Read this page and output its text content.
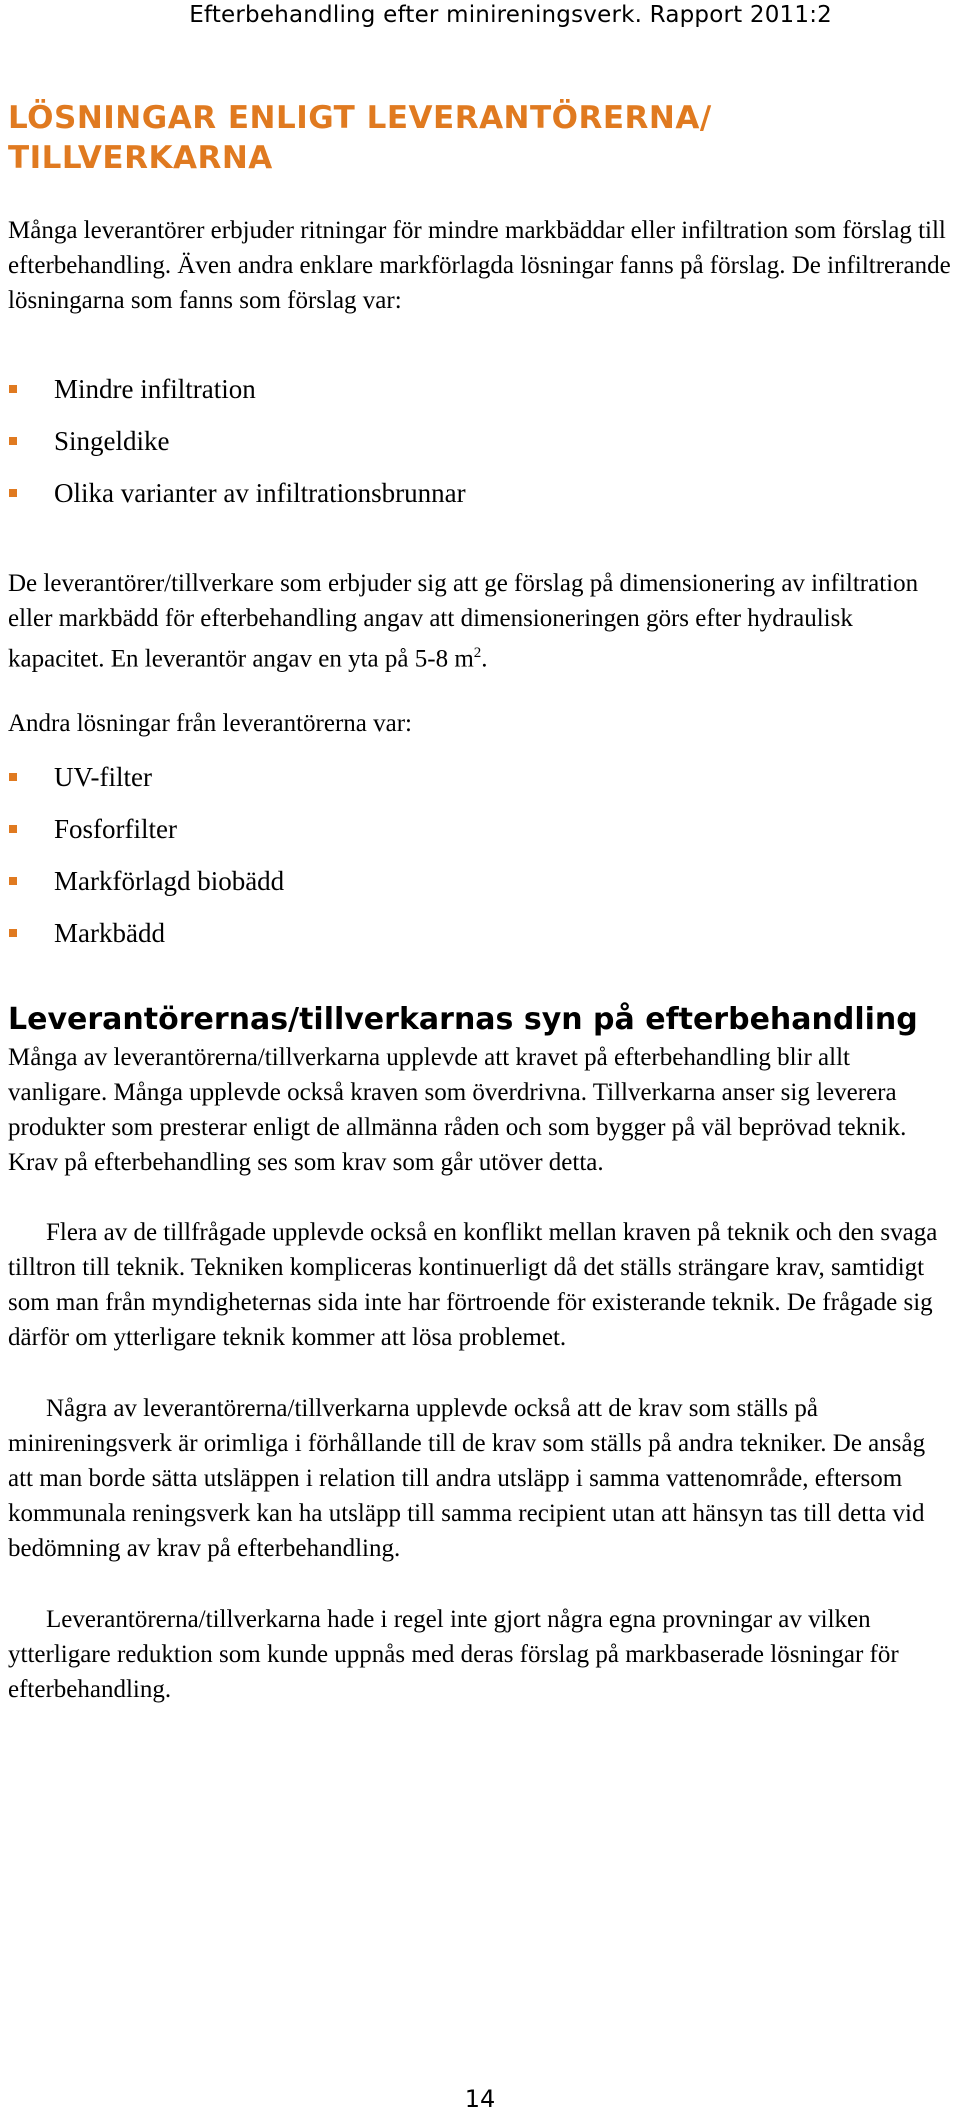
Efterbehandling efter minireningsverk. Rapport 2011:2
LÖSNINGAR ENLIGT LEVERANTÖRERNA/ TILLVERKARNA
Många leverantörer erbjuder ritningar för mindre markbäddar eller infiltration som förslag till efterbehandling. Även andra enklare markförlagda lösningar fanns på förslag. De infiltrerande lösningarna som fanns som förslag var:
Mindre infiltration
Singeldike
Olika varianter av infiltrationsbrunnar
De leverantörer/tillverkare som erbjuder sig att ge förslag på dimensionering av infiltration eller markbädd för efterbehandling angav att dimensioneringen görs efter hydraulisk kapacitet. En leverantör angav en yta på 5-8 $m^2$.
Andra lösningar från leverantörerna var:
UV-filter
Fosforfilter
Markförlagd biobädd
Markbädd
Leverantörernas/tillverkarnas syn på efterbehandling
Många av leverantörerna/tillverkarna upplevde att kravet på efterbehandling blir allt vanligare. Många upplevde också kraven som överdrivna. Tillverkarna anser sig leverera produkter som presterar enligt de allmänna råden och som bygger på väl beprövad teknik. Krav på efterbehandling ses som krav som går utöver detta.
Flera av de tillfrågade upplevde också en konflikt mellan kraven på teknik och den svaga tilltron till teknik. Tekniken kompliceras kontinuerligt då det ställs strängare krav, samtidigt som man från myndigheternas sida inte har förtroende för existerande teknik. De frågade sig därför om ytterligare teknik kommer att lösa problemet.
Några av leverantörerna/tillverkarna upplevde också att de krav som ställs på minireningsverk är orimliga i förhållande till de krav som ställs på andra tekniker. De ansåg att man borde sätta utsläppen i relation till andra utsläpp i samma vattenområde, eftersom kommunala reningsverk kan ha utsläpp till samma recipient utan att hänsyn tas till detta vid bedömning av krav på efterbehandling.
Leverantörerna/tillverkarna hade i regel inte gjort några egna provningar av vilken ytterligare reduktion som kunde uppnås med deras förslag på markbaserade lösningar för efterbehandling.
14
